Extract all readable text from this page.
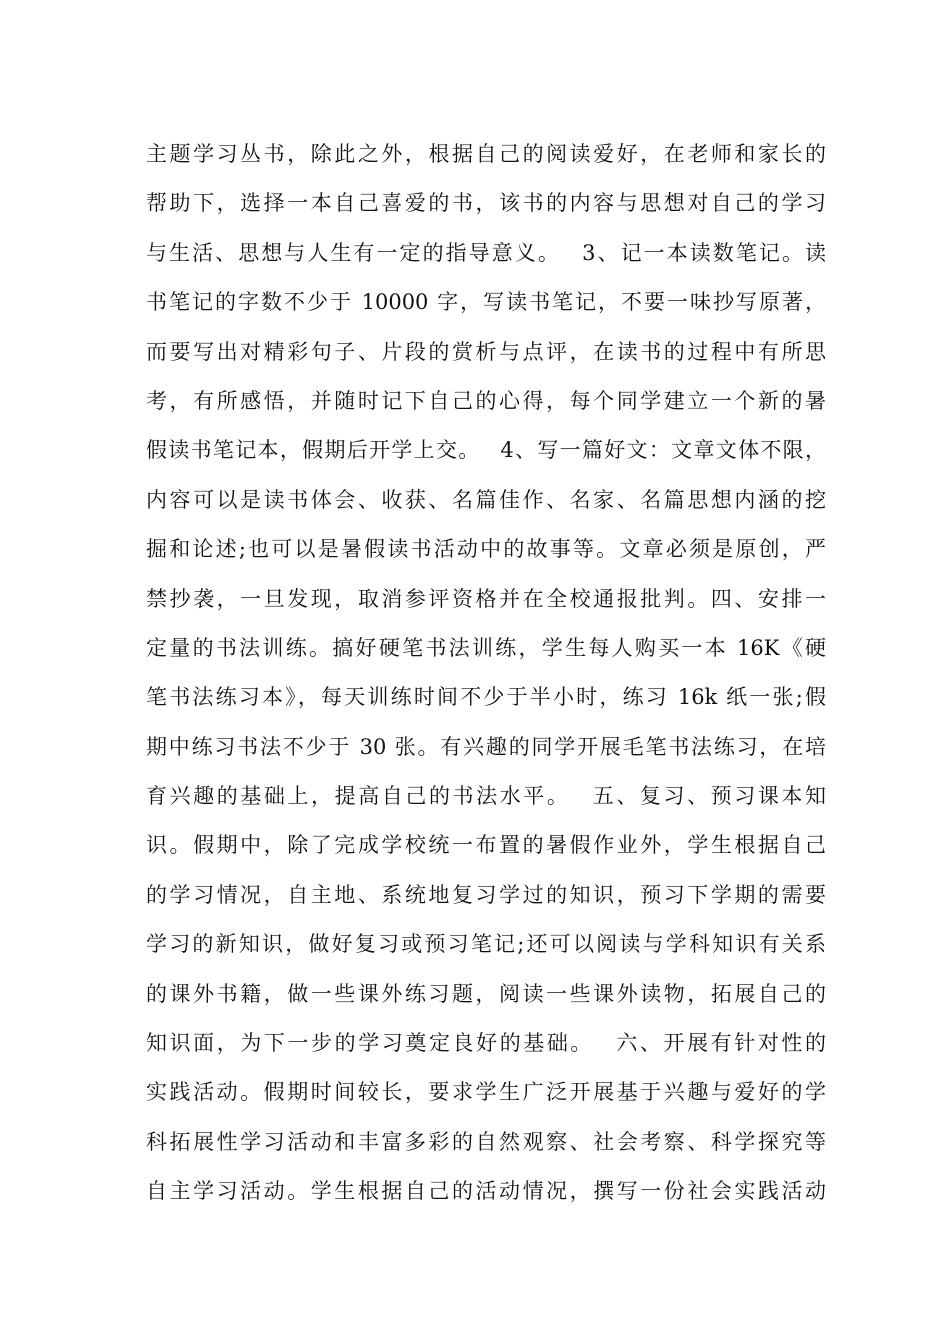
主题学习丛书，除此之外，根据自己的阅读爱好，在老师和家长的
帮助下，选择一本自己喜爱的书，该书的内容与思想对自己的学习
与生活、思想与人生有一定的指导意义。　 3、记一本读数笔记。读
书笔记的字数不少于 10000 字，写读书笔记，不要一味抄写原著，
而要写出对精彩句子、片段的赏析与点评，在读书的过程中有所思
考，有所感悟，并随时记下自己的心得，每个同学建立一个新的暑
假读书笔记本，假期后开学上交。　 4、写一篇好文：文章文体不限，
内容可以是读书体会、收获、名篇佳作、名家、名篇思想内涵的挖
掘和论述;也可以是暑假读书活动中的故事等。文章必须是原创，严
禁抄袭，一旦发现，取消参评资格并在全校通报批判。四、安排一
定量的书法训练。搞好硬笔书法训练，学生每人购买一本 16K《硬
笔书法练习本》，每天训练时间不少于半小时，练习 16k 纸一张;假
期中练习书法不少于 30 张。有兴趣的同学开展毛笔书法练习，在培
育兴趣的基础上，提高自己的书法水平。　 五、复习、预习课本知
识。假期中，除了完成学校统一布置的暑假作业外，学生根据自己
的学习情况，自主地、系统地复习学过的知识，预习下学期的需要
学习的新知识，做好复习或预习笔记;还可以阅读与学科知识有关系
的课外书籍，做一些课外练习题，阅读一些课外读物，拓展自己的
知识面，为下一步的学习奠定良好的基础。　 六、开展有针对性的
实践活动。假期时间较长，要求学生广泛开展基于兴趣与爱好的学
科拓展性学习活动和丰富多彩的自然观察、社会考察、科学探究等
自主学习活动。学生根据自己的活动情况，撰写一份社会实践活动
